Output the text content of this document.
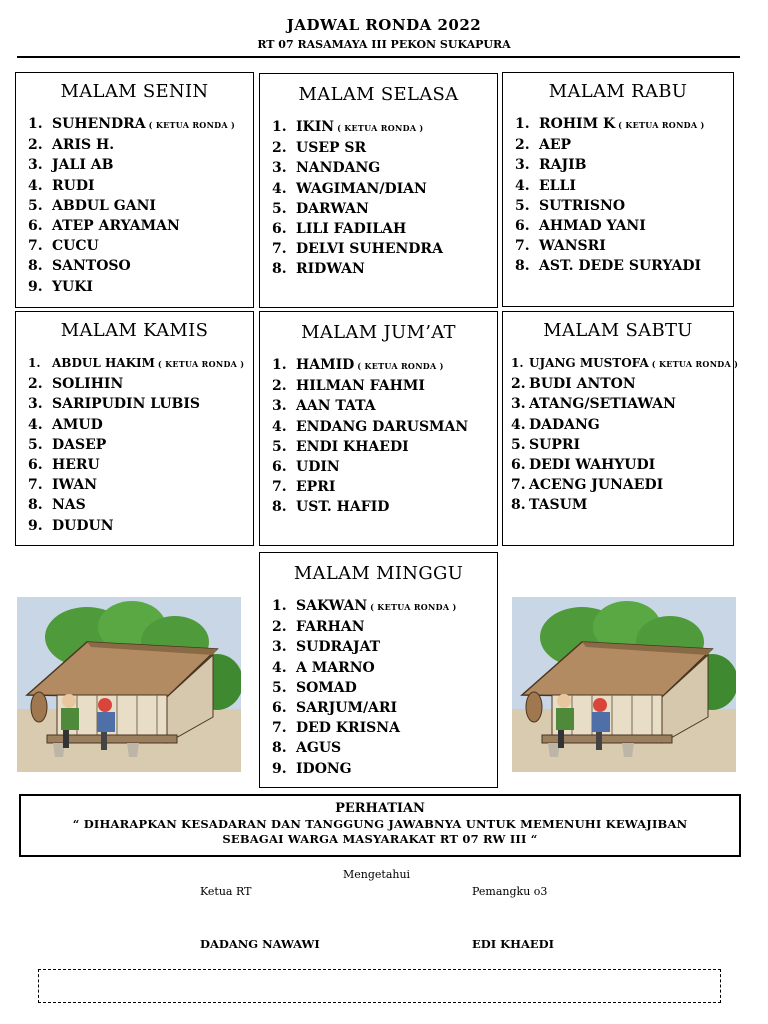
JADWAL RONDA 2022
RT 07 RASAMAYA III PEKON SUKAPURA
MALAM SENIN
1. SUHENDRA ( KETUA RONDA )
2. ARIS H.
3. JALI AB
4. RUDI
5. ABDUL GANI
6. ATEP ARYAMAN
7. CUCU
8. SANTOSO
9. YUKI
MALAM SELASA
1. IKIN ( KETUA RONDA )
2. USEP SR
3. NANDANG
4. WAGIMAN/DIAN
5. DARWAN
6. LILI FADILAH
7. DELVI SUHENDRA
8. RIDWAN
MALAM RABU
1. ROHIM K ( KETUA RONDA )
2. AEP
3. RAJIB
4. ELLI
5. SUTRISNO
6. AHMAD YANI
7. WANSRI
8. AST. DEDE SURYADI
MALAM KAMIS
1. ABDUL HAKIM ( KETUA RONDA )
2. SOLIHIN
3. SARIPUDIN LUBIS
4. AMUD
5. DASEP
6. HERU
7. IWAN
8. NAS
9. DUDUN
MALAM JUM’AT
1. HAMID ( KETUA RONDA )
2. HILMAN FAHMI
3. AAN TATA
4. ENDANG DARUSMAN
5. ENDI KHAEDI
6. UDIN
7. EPRI
8. UST. HAFID
MALAM SABTU
1. UJANG MUSTOFA ( KETUA RONDA )
2. BUDI ANTON
3. ATANG/SETIAWAN
4. DADANG
5. SUPRI
6. DEDI WAHYUDI
7. ACENG JUNAEDI
8. TASUM
MALAM MINGGU
1. SAKWAN ( KETUA RONDA )
2. FARHAN
3. SUDRAJAT
4. A MARNO
5. SOMAD
6. SARJUM/ARI
7. DED KRISNA
8. AGUS
9. IDONG
PERHATIAN
“ DIHARAPKAN KESADARAN DAN TANGGUNG JAWABNYA UNTUK MEMENUHI KEWAJIBAN
SEBAGAI WARGA MASYARAKAT RT 07 RW III “
Mengetahui
Ketua RT	Pemangku o3
DADANG NAWAWI	EDI KHAEDI
